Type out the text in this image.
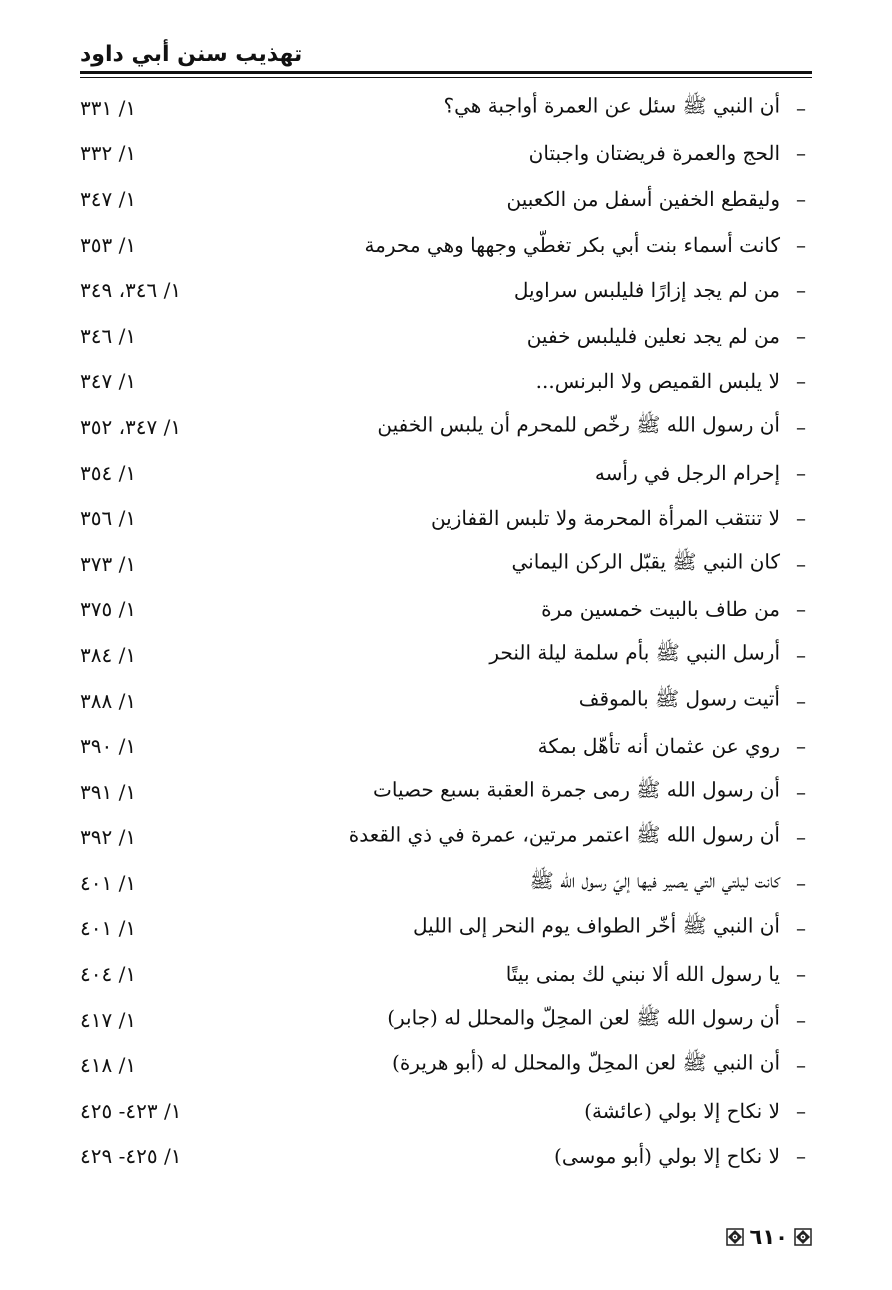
تهذيب سنن أبي داود
–
أن النبي ﷺ سئل عن العمرة أواجبة هي؟
١/ ٣٣١
–
الحج والعمرة فريضتان واجبتان
١/ ٣٣٢
–
وليقطع الخفين أسفل من الكعبين
١/ ٣٤٧
–
كانت أسماء بنت أبي بكر تغطّي وجهها وهي محرمة
١/ ٣٥٣
–
من لم يجد إزارًا فليلبس سراويل
١/ ٣٤٦، ٣٤٩
–
من لم يجد نعلين فليلبس خفين
١/ ٣٤٦
–
لا يلبس القميص ولا البرنس...
١/ ٣٤٧
–
أن رسول الله ﷺ رخّص للمحرم أن يلبس الخفين
١/ ٣٤٧، ٣٥٢
–
إحرام الرجل في رأسه
١/ ٣٥٤
–
لا تنتقب المرأة المحرمة ولا تلبس القفازين
١/ ٣٥٦
–
كان النبي ﷺ يقبّل الركن اليماني
١/ ٣٧٣
–
من طاف بالبيت خمسين مرة
١/ ٣٧٥
–
أرسل النبي ﷺ بأم سلمة ليلة النحر
١/ ٣٨٤
–
أتيت رسول ﷺ بالموقف
١/ ٣٨٨
–
روي عن عثمان أنه تأهّل بمكة
١/ ٣٩٠
–
أن رسول الله ﷺ رمى جمرة العقبة بسبع حصيات
١/ ٣٩١
–
أن رسول الله ﷺ اعتمر مرتين، عمرة في ذي القعدة
١/ ٣٩٢
–
كانت ليلتي التي يصير فيها إليّ رسول الله ﷺ
١/ ٤٠١
–
أن النبي ﷺ أخّر الطواف يوم النحر إلى الليل
١/ ٤٠١
–
يا رسول الله ألا نبني لك بمنى بيتًا
١/ ٤٠٤
–
أن رسول الله ﷺ لعن المحِلّ والمحلل له (جابر)
١/ ٤١٧
–
أن النبي ﷺ لعن المحِلّ والمحلل له (أبو هريرة)
١/ ٤١٨
–
لا نكاح إلا بولي (عائشة)
١/ ٤٢٣- ٤٢٥
–
لا نكاح إلا بولي (أبو موسى)
١/ ٤٢٥- ٤٢٩
٦١٠
